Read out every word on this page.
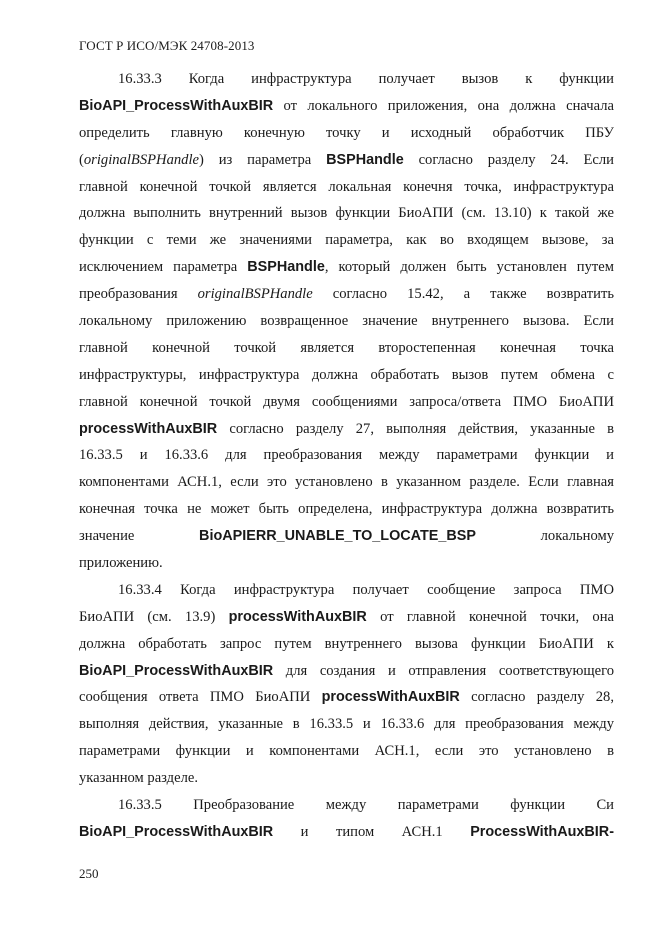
ГОСТ Р ИСО/МЭК 24708-2013
16.33.3 Когда инфраструктура получает вызов к функции
BioAPI_ProcessWithAuxBIR от локального приложения, она должна сначала
определить главную конечную точку и исходный обработчик ПБУ
(originalBSPHandle) из параметра BSPHandle согласно разделу 24. Если
главной конечной точкой является локальная конечня точка, инфраструктура
должна выполнить внутренний вызов функции БиоАПИ (см. 13.10) к такой же
функции с теми же значениями параметра, как во входящем вызове, за
исключением параметра BSPHandle, который должен быть установлен путем
преобразования originalBSPHandle согласно 15.42, а также возвратить
локальному приложению возвращенное значение внутреннего вызова. Если
главной конечной точкой является второстепенная конечная точка
инфраструктуры, инфраструктура должна обработать вызов путем обмена с
главной конечной точкой двумя сообщениями запроса/ответа ПМО БиоАПИ
processWithAuxBIR согласно разделу 27, выполняя действия, указанные в
16.33.5 и 16.33.6 для преобразования между параметрами функции и
компонентами АСН.1, если это установлено в указанном разделе. Если главная
конечная точка не может быть определена, инфраструктура должна возвратить
значение BioAPIERR_UNABLE_TO_LOCATE_BSP локальному
приложению.
16.33.4 Когда инфраструктура получает сообщение запроса ПМО
БиоАПИ (см. 13.9) processWithAuxBIR от главной конечной точки, она
должна обработать запрос путем внутреннего вызова функции БиоАПИ к
BioAPI_ProcessWithAuxBIR для создания и отправления соответствующего
сообщения ответа ПМО БиоАПИ processWithAuxBIR согласно разделу 28,
выполняя действия, указанные в 16.33.5 и 16.33.6 для преобразования между
параметрами функции и компонентами АСН.1, если это установлено в
указанном разделе.
16.33.5 Преобразование между параметрами функции Си
BioAPI_ProcessWithAuxBIR и типом АСН.1 ProcessWithAuxBIR-
250
